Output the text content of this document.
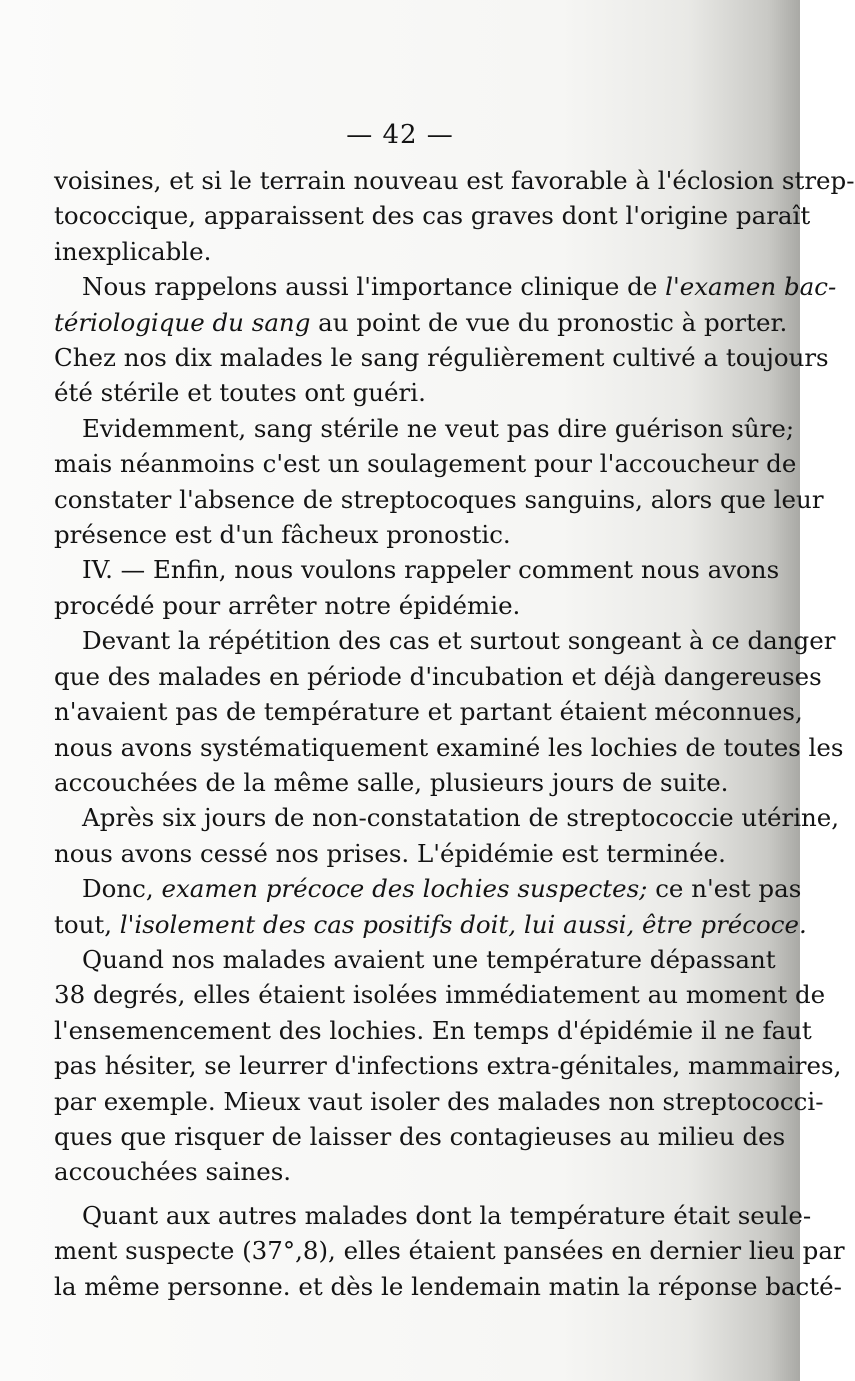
— 42 —
voisines, et si le terrain nouveau est favorable à l'éclosion strep-
tococcique, apparaissent des cas graves dont l'origine paraît
inexplicable.
Nous rappelons aussi l'importance clinique de l'examen bac-
tériologique du sang au point de vue du pronostic à porter.
Chez nos dix malades le sang régulièrement cultivé a toujours
été stérile et toutes ont guéri.
Evidemment, sang stérile ne veut pas dire guérison sûre;
mais néanmoins c'est un soulagement pour l'accoucheur de
constater l'absence de streptocoques sanguins, alors que leur
présence est d'un fâcheux pronostic.
IV. — Enfin, nous voulons rappeler comment nous avons
procédé pour arrêter notre épidémie.
Devant la répétition des cas et surtout songeant à ce danger
que des malades en période d'incubation et déjà dangereuses
n'avaient pas de température et partant étaient méconnues,
nous avons systématiquement examiné les lochies de toutes les
accouchées de la même salle, plusieurs jours de suite.
Après six jours de non-constatation de streptococcie utérine,
nous avons cessé nos prises. L'épidémie est terminée.
Donc, examen précoce des lochies suspectes; ce n'est pas
tout, l'isolement des cas positifs doit, lui aussi, être précoce.
Quand nos malades avaient une température dépassant
38 degrés, elles étaient isolées immédiatement au moment de
l'ensemencement des lochies. En temps d'épidémie il ne faut
pas hésiter, se leurrer d'infections extra-génitales, mammaires,
par exemple. Mieux vaut isoler des malades non streptococci-
ques que risquer de laisser des contagieuses au milieu des
accouchées saines.
Quant aux autres malades dont la température était seule-
ment suspecte (37°,8), elles étaient pansées en dernier lieu par
la même personne. et dès le lendemain matin la réponse bacté-
